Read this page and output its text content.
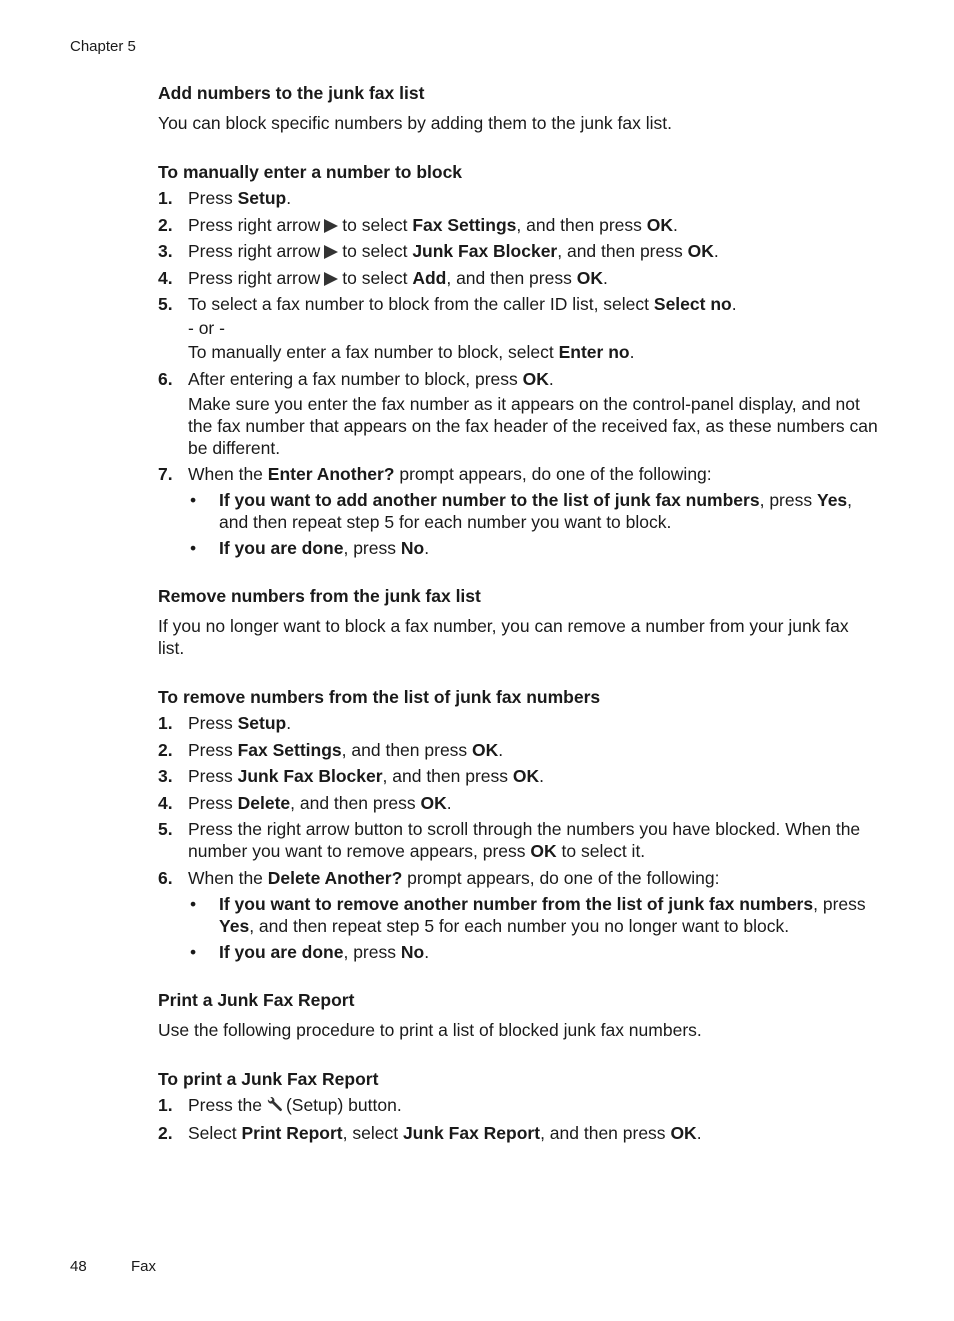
Chapter 5

Add numbers to the junk fax list

You can block specific numbers by adding them to the junk fax list.

To manually enter a number to block

1. Press Setup.
2. Press right arrow to select Fax Settings, and then press OK.
3. Press right arrow to select Junk Fax Blocker, and then press OK.
4. Press right arrow to select Add, and then press OK.
5. To select a fax number to block from the caller ID list, select Select no.
- or -
To manually enter a fax number to block, select Enter no.
6. After entering a fax number to block, press OK.
Make sure you enter the fax number as it appears on the control-panel display, and not the fax number that appears on the fax header of the received fax, as these numbers can be different.
7. When the Enter Another? prompt appears, do one of the following:
• If you want to add another number to the list of junk fax numbers, press Yes, and then repeat step 5 for each number you want to block.
• If you are done, press No.

Remove numbers from the junk fax list

If you no longer want to block a fax number, you can remove a number from your junk fax list.

To remove numbers from the list of junk fax numbers

1. Press Setup.
2. Press Fax Settings, and then press OK.
3. Press Junk Fax Blocker, and then press OK.
4. Press Delete, and then press OK.
5. Press the right arrow button to scroll through the numbers you have blocked. When the number you want to remove appears, press OK to select it.
6. When the Delete Another? prompt appears, do one of the following:
• If you want to remove another number from the list of junk fax numbers, press Yes, and then repeat step 5 for each number you no longer want to block.
• If you are done, press No.

Print a Junk Fax Report

Use the following procedure to print a list of blocked junk fax numbers.

To print a Junk Fax Report

1. Press the (Setup) button.
2. Select Print Report, select Junk Fax Report, and then press OK.
48	Fax
